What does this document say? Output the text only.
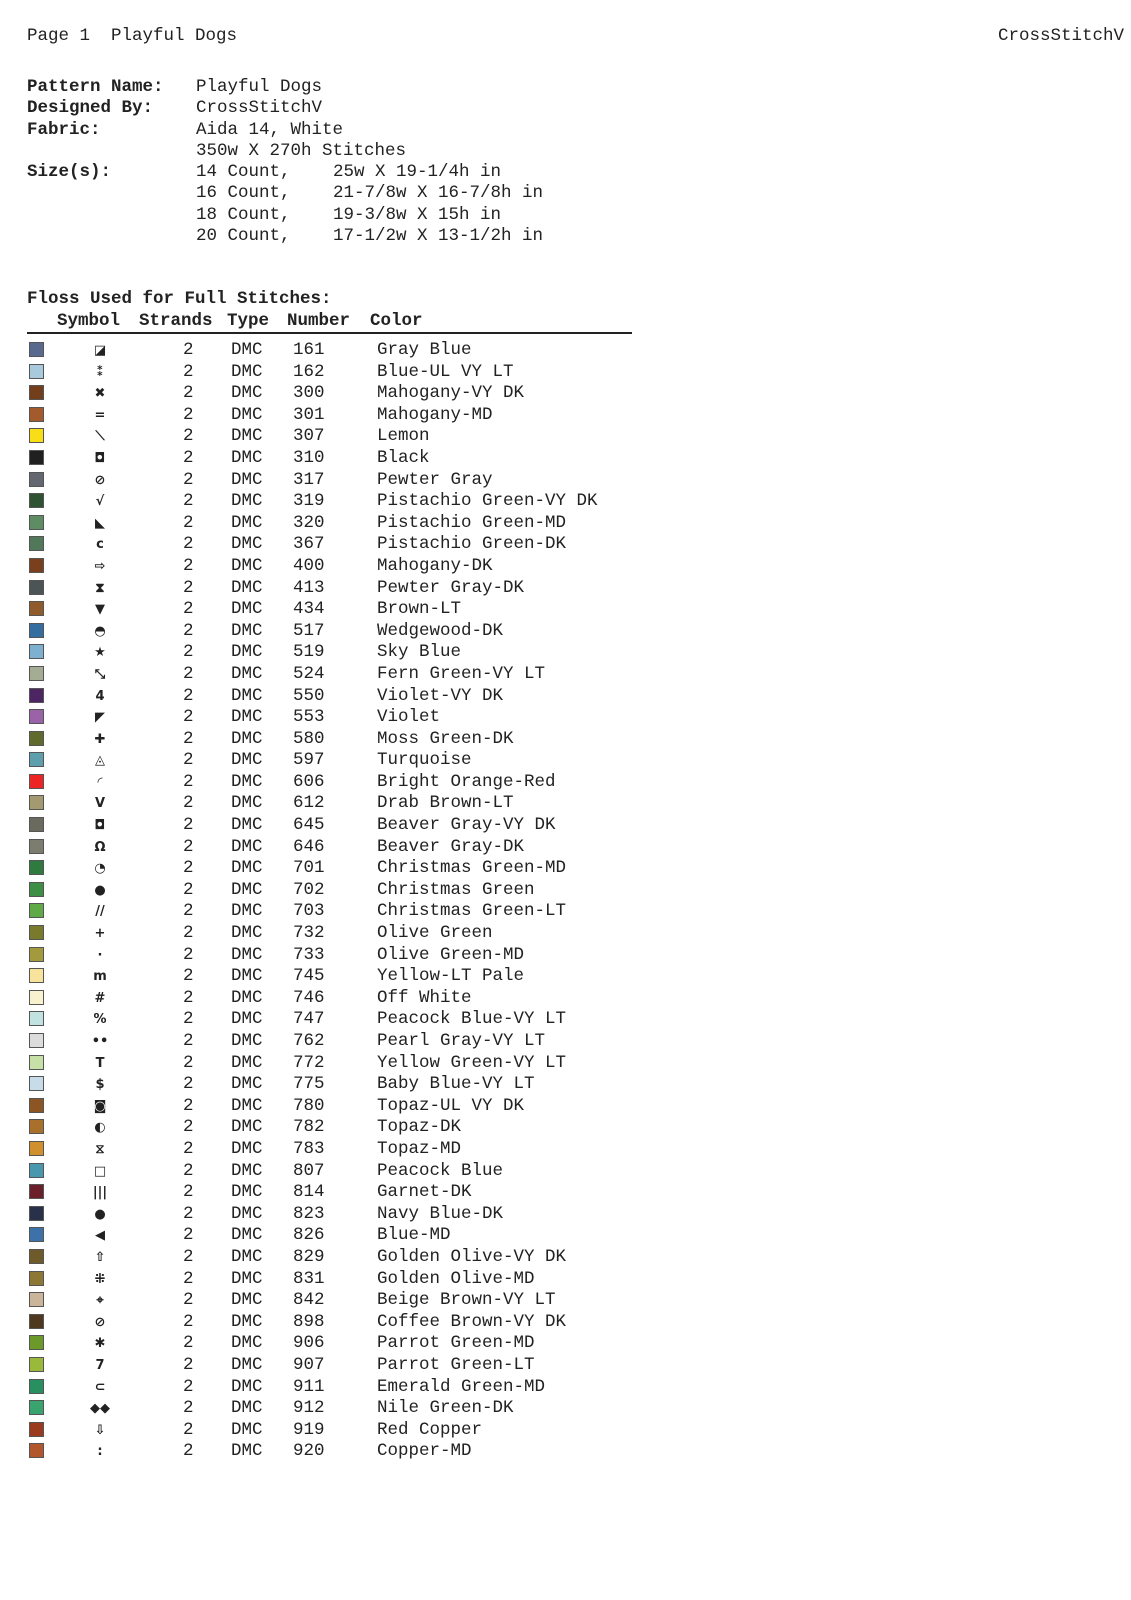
Page 1  Playful Dogs	CrossStitchV
Pattern Name: Playful Dogs
Designed By: CrossStitchV
Fabric:	Aida 14, White
350w X 270h Stitches
Size(s):	14 Count, 25w X 19-1/4h in
16 Count, 21-7/8w X 16-7/8h in
18 Count, 19-3/8w X 15h in
20 Count, 17-1/2w X 13-1/2h in
Floss Used for Full Stitches:
Symbol Strands Type Number Color
◪	2 DMC 161	Gray Blue
⁑	2 DMC 162	Blue-UL VY LT
✖	2 DMC 300	Mahogany-VY DK
=	2 DMC 301	Mahogany-MD
⟍	2 DMC 307	Lemon
◘	2 DMC 310	Black
⊘	2 DMC 317	Pewter Gray
√	2 DMC 319	Pistachio Green-VY DK
◣	2 DMC 320	Pistachio Green-MD
c	2 DMC 367	Pistachio Green-DK
⇨	2 DMC 400	Mahogany-DK
⧗	2 DMC 413	Pewter Gray-DK
▼	2 DMC 434	Brown-LT
◓	2 DMC 517	Wedgewood-DK
★	2 DMC 519	Sky Blue
⤡	2 DMC 524	Fern Green-VY LT
4	2 DMC 550	Violet-VY DK
◤	2 DMC 553	Violet
✚	2 DMC 580	Moss Green-DK
◬	2 DMC 597	Turquoise
◜	2 DMC 606	Bright Orange-Red
V	2 DMC 612	Drab Brown-LT
◘	2 DMC 645	Beaver Gray-VY DK
Ω	2 DMC 646	Beaver Gray-DK
◔	2 DMC 701	Christmas Green-MD
●	2 DMC 702	Christmas Green
//	2 DMC 703	Christmas Green-LT
+	2 DMC 732	Olive Green
·	2 DMC 733	Olive Green-MD
m	2 DMC 745	Yellow-LT Pale
#	2 DMC 746	Off White
%	2 DMC 747	Peacock Blue-VY LT
••	2 DMC 762	Pearl Gray-VY LT
T	2 DMC 772	Yellow Green-VY LT
$	2 DMC 775	Baby Blue-VY LT
◙	2 DMC 780	Topaz-UL VY DK
◐	2 DMC 782	Topaz-DK
⧖	2 DMC 783	Topaz-MD
□	2 DMC 807	Peacock Blue
|||	2 DMC 814	Garnet-DK
●	2 DMC 823	Navy Blue-DK
◀	2 DMC 826	Blue-MD
⇧	2 DMC 829	Golden Olive-VY DK
⁜	2 DMC 831	Golden Olive-MD
⌖	2 DMC 842	Beige Brown-VY LT
⊘	2 DMC 898	Coffee Brown-VY DK
✱	2 DMC 906	Parrot Green-MD
7	2 DMC 907	Parrot Green-LT
⊂	2 DMC 911	Emerald Green-MD
◆◆	2 DMC 912	Nile Green-DK
⇩	2 DMC 919	Red Copper
:	2 DMC 920	Copper-MD
